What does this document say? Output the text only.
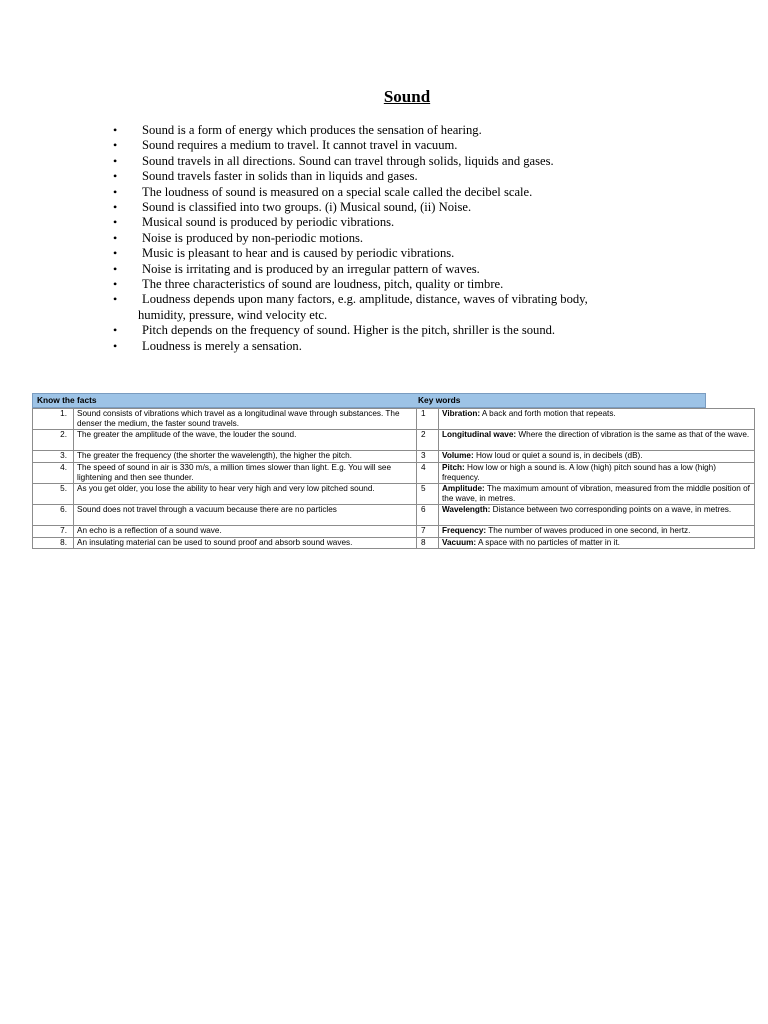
Sound
• Sound is a form of energy which produces the sensation of hearing.
• Sound requires a medium to travel. It cannot travel in vacuum.
• Sound travels in all directions. Sound can travel through solids, liquids and gases.
• Sound travels faster in solids than in liquids and gases.
• The loudness of sound is measured on a special scale called the decibel scale.
• Sound is classified into two groups. (i) Musical sound, (ii) Noise.
• Musical sound is produced by periodic vibrations.
• Noise is produced by non-periodic motions.
• Music is pleasant to hear and is caused by periodic vibrations.
• Noise is irritating and is produced by an irregular pattern of waves.
• The three characteristics of sound are loudness, pitch, quality or timbre.
• Loudness depends upon many factors, e.g. amplitude, distance, waves of vibrating body,
humidity, pressure, wind velocity etc.
• Pitch depends on the frequency of sound. Higher is the pitch, shriller is the sound.
• Loudness is merely a sensation.
Know the facts	Key words
1.	Sound consists of vibrations which travel as a longitudinal wave through substances. The denser the medium, the faster sound travels.	1	Vibration: A back and forth motion that repeats.
2.	The greater the amplitude of the wave, the louder the sound.	2	Longitudinal wave: Where the direction of vibration is the same as that of the wave.
3.	The greater the frequency (the shorter the wavelength), the higher the pitch.	3	Volume: How loud or quiet a sound is, in decibels (dB).
4.	The speed of sound in air is 330 m/s, a million times slower than light. E.g. You will see lightening and then see thunder.	4	Pitch: How low or high a sound is. A low (high) pitch sound has a low (high) frequency.
5.	As you get older, you lose the ability to hear very high and very low pitched sound.	5	Amplitude: The maximum amount of vibration, measured from the middle position of the wave, in metres.
6.	Sound does not travel through a vacuum because there are no particles	6	Wavelength: Distance between two corresponding points on a wave, in metres.
7.	An echo is a reflection of a sound wave.	7	Frequency: The number of waves produced in one second, in hertz.
8.	An insulating material can be used to sound proof and absorb sound waves.	8	Vacuum: A space with no particles of matter in it.
